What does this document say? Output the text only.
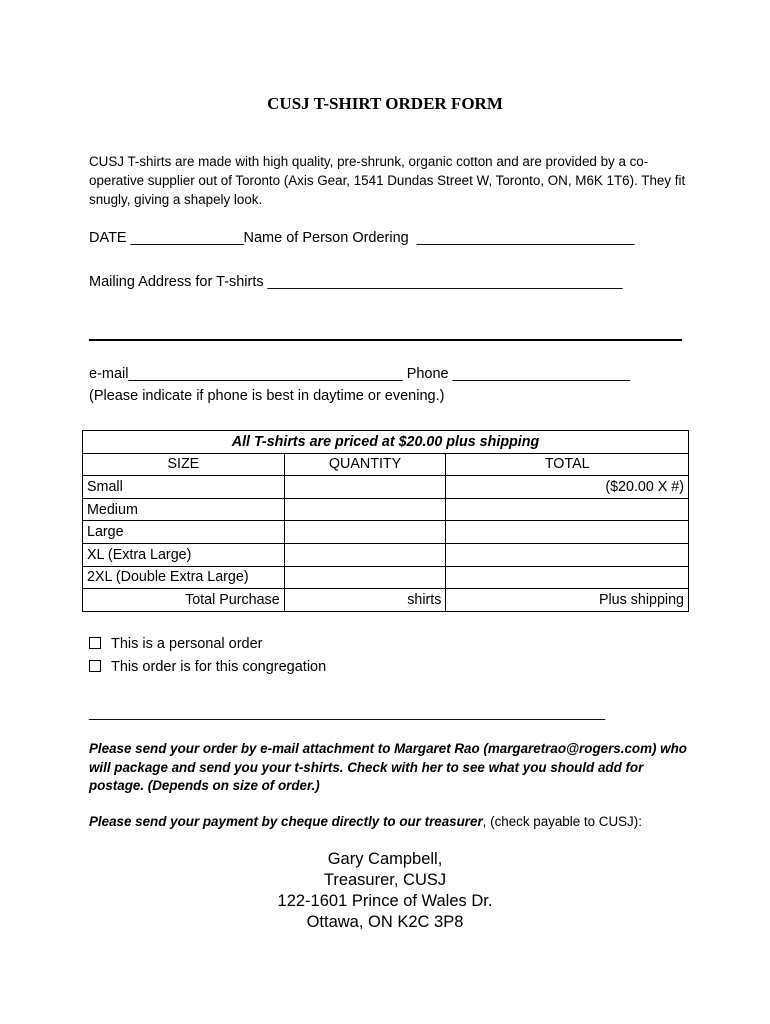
CUSJ T-SHIRT ORDER FORM
CUSJ T-shirts are made with high quality, pre-shrunk, organic cotton and are provided by a co-operative supplier out of Toronto (Axis Gear, 1541 Dundas Street W, Toronto, ON, M6K 1T6). They fit snugly, giving a shapely look.
DATE ______________Name of Person Ordering  ___________________________
Mailing Address for T-shirts ____________________________________________
e-mail__________________________________ Phone ______________________
(Please indicate if phone is best in daytime or evening.)
All T-shirts are priced at $20.00 plus shipping		
SIZE	QUANTITY	TOTAL
Small		($20.00 X #)
Medium		
Large		
XL (Extra Large)		
2XL (Double Extra Large)		
Total Purchase	shirts	Plus shipping
This is a personal order
This order is for this congregation
________________________________________________________________
Please send your order by e-mail attachment to Margaret Rao (margaretrao@rogers.com) who will package and send you your t-shirts. Check with her to see what you should add for postage. (Depends on size of order.)
Please send your payment by cheque directly to our treasurer, (check payable to CUSJ):
Gary Campbell,
Treasurer, CUSJ
122-1601 Prince of Wales Dr.
Ottawa, ON K2C 3P8
